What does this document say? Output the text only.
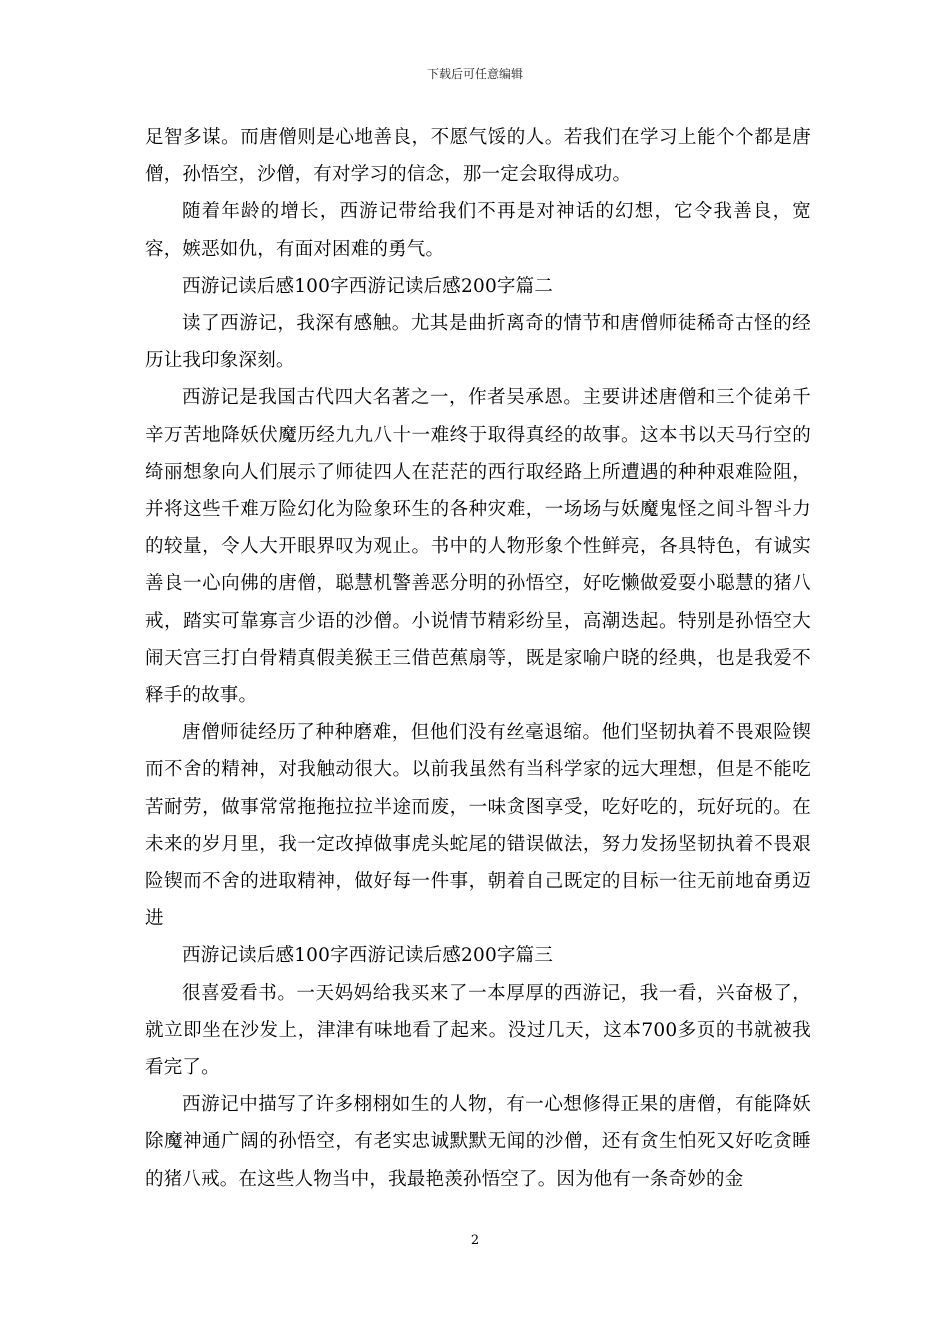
下载后可任意编辑

足智多谋。而唐僧则是心地善良，不愿气馁的人。若我们在学习上能个个都是唐僧，孙悟空，沙僧，有对学习的信念，那一定会取得成功。

随着年龄的增长，西游记带给我们不再是对神话的幻想，它令我善良，宽容，嫉恶如仇，有面对困难的勇气。

西游记读后感100字西游记读后感200字篇二

读了西游记，我深有感触。尤其是曲折离奇的情节和唐僧师徒稀奇古怪的经历让我印象深刻。

西游记是我国古代四大名著之一，作者吴承恩。主要讲述唐僧和三个徒弟千辛万苦地降妖伏魔历经九九八十一难终于取得真经的故事。这本书以天马行空的绮丽想象向人们展示了师徒四人在茫茫的西行取经路上所遭遇的种种艰难险阻，并将这些千难万险幻化为险象环生的各种灾难，一场场与妖魔鬼怪之间斗智斗力的较量，令人大开眼界叹为观止。书中的人物形象个性鲜亮，各具特色，有诚实善良一心向佛的唐僧，聪慧机警善恶分明的孙悟空，好吃懒做爱耍小聪慧的猪八戒，踏实可靠寡言少语的沙僧。小说情节精彩纷呈，高潮迭起。特别是孙悟空大闹天宫三打白骨精真假美猴王三借芭蕉扇等，既是家喻户晓的经典，也是我爱不释手的故事。

唐僧师徒经历了种种磨难，但他们没有丝毫退缩。他们坚韧执着不畏艰险锲而不舍的精神，对我触动很大。以前我虽然有当科学家的远大理想，但是不能吃苦耐劳，做事常常拖拖拉拉半途而废，一味贪图享受，吃好吃的，玩好玩的。在未来的岁月里，我一定改掉做事虎头蛇尾的错误做法，努力发扬坚韧执着不畏艰险锲而不舍的进取精神，做好每一件事，朝着自己既定的目标一往无前地奋勇迈进

西游记读后感100字西游记读后感200字篇三

很喜爱看书。一天妈妈给我买来了一本厚厚的西游记，我一看，兴奋极了，就立即坐在沙发上，津津有味地看了起来。没过几天，这本700多页的书就被我看完了。

西游记中描写了许多栩栩如生的人物，有一心想修得正果的唐僧，有能降妖除魔神通广阔的孙悟空，有老实忠诚默默无闻的沙僧，还有贪生怕死又好吃贪睡的猪八戒。在这些人物当中，我最艳羡孙悟空了。因为他有一条奇妙的金

2
